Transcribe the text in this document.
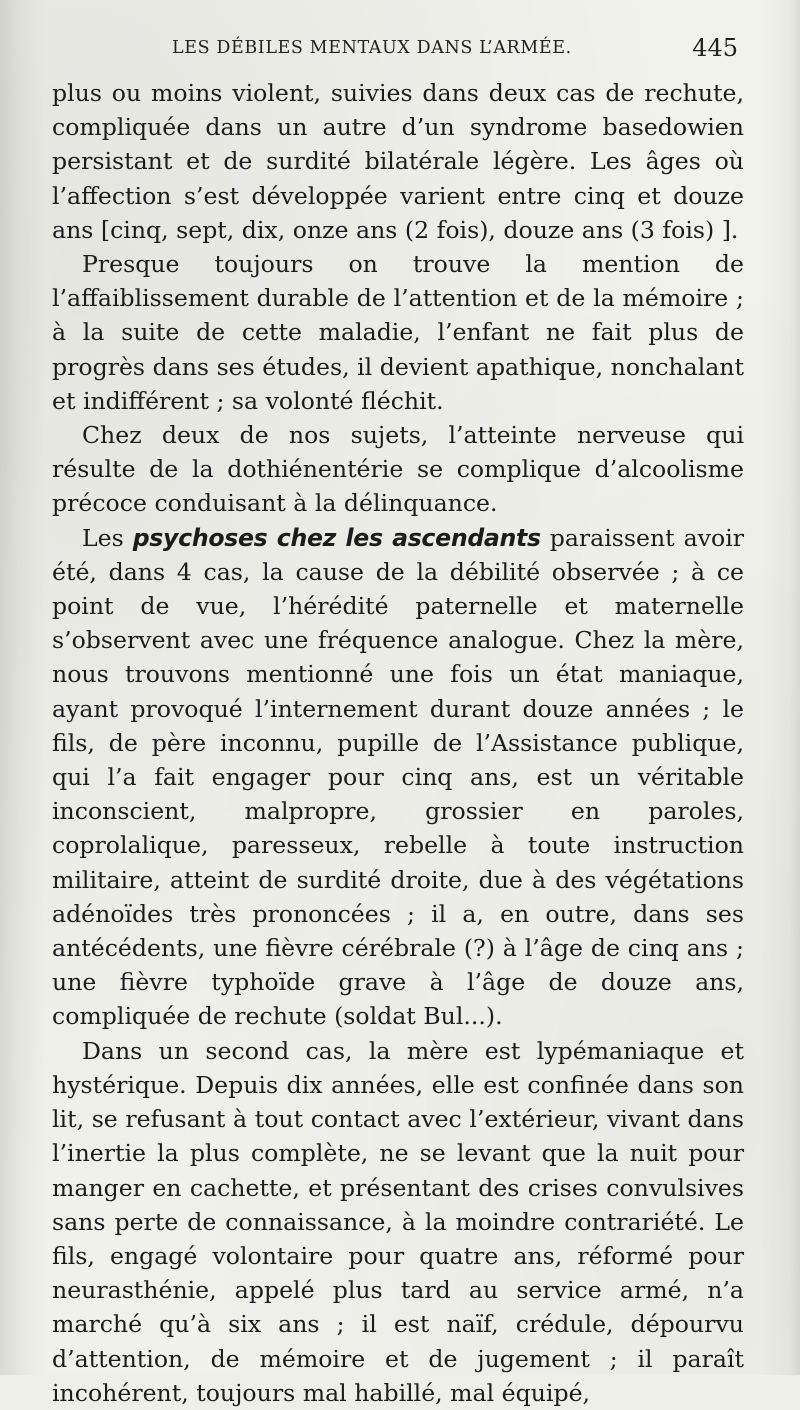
LES DÉBILES MENTAUX DANS L’ARMÉE.	445

plus ou moins violent, suivies dans deux cas de rechute, compliquée dans un autre d’un syndrome basedowien persistant et de surdité bilatérale légère. Les âges où l’affection s’est développée varient entre cinq et douze ans [cinq, sept, dix, onze ans (2 fois), douze ans (3 fois) ].

Presque toujours on trouve la mention de l’affaiblissement durable de l’attention et de la mémoire ; à la suite de cette maladie, l’enfant ne fait plus de progrès dans ses études, il devient apathique, nonchalant et indifférent ; sa volonté fléchit.

Chez deux de nos sujets, l’atteinte nerveuse qui résulte de la dothiénentérie se complique d’alcoolisme précoce conduisant à la délinquance.

Les psychoses chez les ascendants paraissent avoir été, dans 4 cas, la cause de la débilité observée ; à ce point de vue, l’hérédité paternelle et maternelle s’observent avec une fréquence analogue. Chez la mère, nous trouvons mentionné une fois un état maniaque, ayant provoqué l’internement durant douze années ; le fils, de père inconnu, pupille de l’Assistance publique, qui l’a fait engager pour cinq ans, est un véritable inconscient, malpropre, grossier en paroles, coprolalique, paresseux, rebelle à toute instruction militaire, atteint de surdité droite, due à des végétations adénoïdes très prononcées ; il a, en outre, dans ses antécédents, une fièvre cérébrale (?) à l’âge de cinq ans ; une fièvre typhoïde grave à l’âge de douze ans, compliquée de rechute (soldat Bul...).

Dans un second cas, la mère est lypémaniaque et hystérique. Depuis dix années, elle est confinée dans son lit, se refusant à tout contact avec l’extérieur, vivant dans l’inertie la plus complète, ne se levant que la nuit pour manger en cachette, et présentant des crises convulsives sans perte de connaissance, à la moindre contrariété. Le fils, engagé volontaire pour quatre ans, réformé pour neurasthénie, appelé plus tard au service armé, n’a marché qu’à six ans ; il est naïf, crédule, dépourvu d’attention, de mémoire et de jugement ; il paraît incohérent, toujours mal habillé, mal équipé,
